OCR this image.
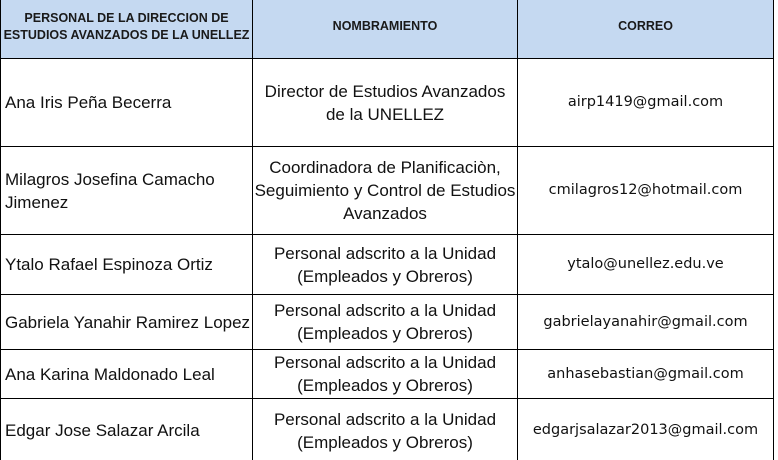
PERSONAL DE LA DIRECCION DE ESTUDIOS AVANZADOS DE LA UNELLEZ	NOMBRAMIENTO	CORREO
Ana Iris Peña Becerra	Director de Estudios Avanzados de la UNELLEZ	airp1419@gmail.com
Milagros Josefina Camacho Jimenez	Coordinadora de Planificaciòn, Seguimiento y Control de Estudios Avanzados	cmilagros12@hotmail.com
Ytalo Rafael Espinoza Ortiz	Personal adscrito a la Unidad (Empleados y Obreros)	ytalo@unellez.edu.ve
Gabriela Yanahir Ramirez Lopez	Personal adscrito a la Unidad (Empleados y Obreros)	gabrielayanahir@gmail.com
Ana Karina Maldonado Leal	Personal adscrito a la Unidad (Empleados y Obreros)	anhasebastian@gmail.com
Edgar Jose Salazar Arcila	Personal adscrito a la Unidad (Empleados y Obreros)	edgarjsalazar2013@gmail.com
